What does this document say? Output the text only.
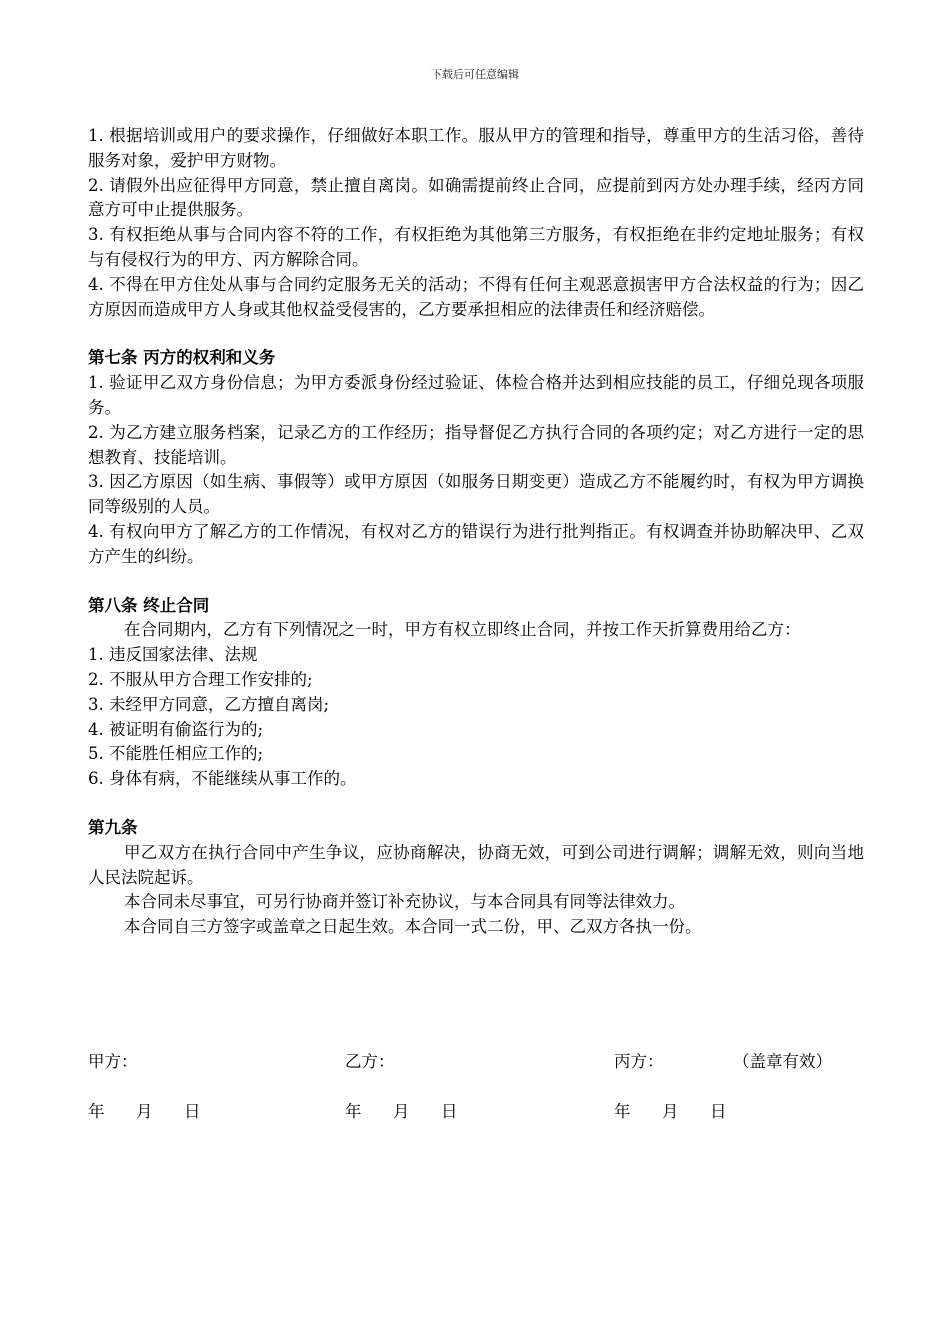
下载后可任意编辑

1. 根据培训或用户的要求操作，仔细做好本职工作。服从甲方的管理和指导，尊重甲方的生活习俗，善待服务对象，爱护甲方财物。

2. 请假外出应征得甲方同意，禁止擅自离岗。如确需提前终止合同，应提前到丙方处办理手续，经丙方同意方可中止提供服务。

3. 有权拒绝从事与合同内容不符的工作，有权拒绝为其他第三方服务，有权拒绝在非约定地址服务；有权与有侵权行为的甲方、丙方解除合同。

4. 不得在甲方住处从事与合同约定服务无关的活动；不得有任何主观恶意损害甲方合法权益的行为；因乙方原因而造成甲方人身或其他权益受侵害的，乙方要承担相应的法律责任和经济赔偿。

第七条 丙方的权利和义务

1. 验证甲乙双方身份信息；为甲方委派身份经过验证、体检合格并达到相应技能的员工，仔细兑现各项服务。

2. 为乙方建立服务档案，记录乙方的工作经历；指导督促乙方执行合同的各项约定；对乙方进行一定的思想教育、技能培训。

3. 因乙方原因（如生病、事假等）或甲方原因（如服务日期变更）造成乙方不能履约时，有权为甲方调换同等级别的人员。

4. 有权向甲方了解乙方的工作情况，有权对乙方的错误行为进行批判指正。有权调查并协助解决甲、乙双方产生的纠纷。

第八条 终止合同

在合同期内，乙方有下列情况之一时，甲方有权立即终止合同，并按工作天折算费用给乙方：

1. 违反国家法律、法规

2. 不服从甲方合理工作安排的;

3. 未经甲方同意，乙方擅自离岗;

4. 被证明有偷盗行为的;

5. 不能胜任相应工作的;

6. 身体有病，不能继续从事工作的。

第九条

甲乙双方在执行合同中产生争议，应协商解决，协商无效，可到公司进行调解；调解无效，则向当地人民法院起诉。

本合同未尽事宜，可另行协商并签订补充协议，与本合同具有同等法律效力。

本合同自三方签字或盖章之日起生效。本合同一式二份，甲、乙双方各执一份。

甲方：	乙方：	丙方：	（盖章有效）
年      月      日	年      月      日	年      月      日
